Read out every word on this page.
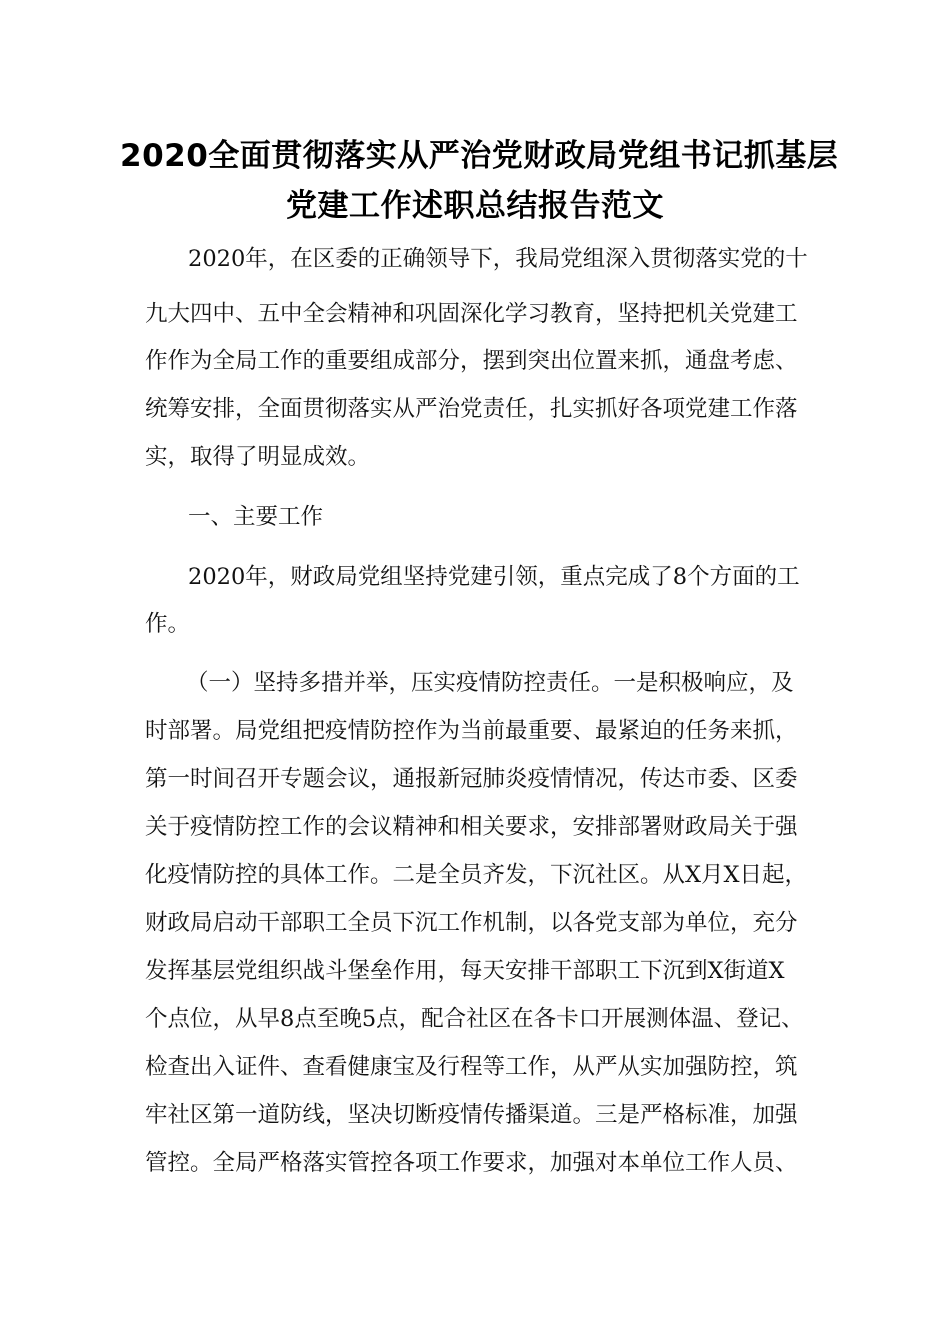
2020全面贯彻落实从严治党财政局党组书记抓基层
党建工作述职总结报告范文
2020年，在区委的正确领导下，我局党组深入贯彻落实党的十
九大四中、五中全会精神和巩固深化学习教育，坚持把机关党建工
作作为全局工作的重要组成部分，摆到突出位置来抓，通盘考虑、
统筹安排，全面贯彻落实从严治党责任，扎实抓好各项党建工作落
实，取得了明显成效。
一、主要工作
2020年，财政局党组坚持党建引领，重点完成了8个方面的工
作。
（一）坚持多措并举，压实疫情防控责任。一是积极响应，及
时部署。局党组把疫情防控作为当前最重要、最紧迫的任务来抓，
第一时间召开专题会议，通报新冠肺炎疫情情况，传达市委、区委
关于疫情防控工作的会议精神和相关要求，安排部署财政局关于强
化疫情防控的具体工作。二是全员齐发，下沉社区。从X月X日起，
财政局启动干部职工全员下沉工作机制，以各党支部为单位，充分
发挥基层党组织战斗堡垒作用，每天安排干部职工下沉到X街道X
个点位，从早8点至晚5点，配合社区在各卡口开展测体温、登记、
检查出入证件、查看健康宝及行程等工作，从严从实加强防控，筑
牢社区第一道防线，坚决切断疫情传播渠道。三是严格标准，加强
管控。全局严格落实管控各项工作要求，加强对本单位工作人员、
